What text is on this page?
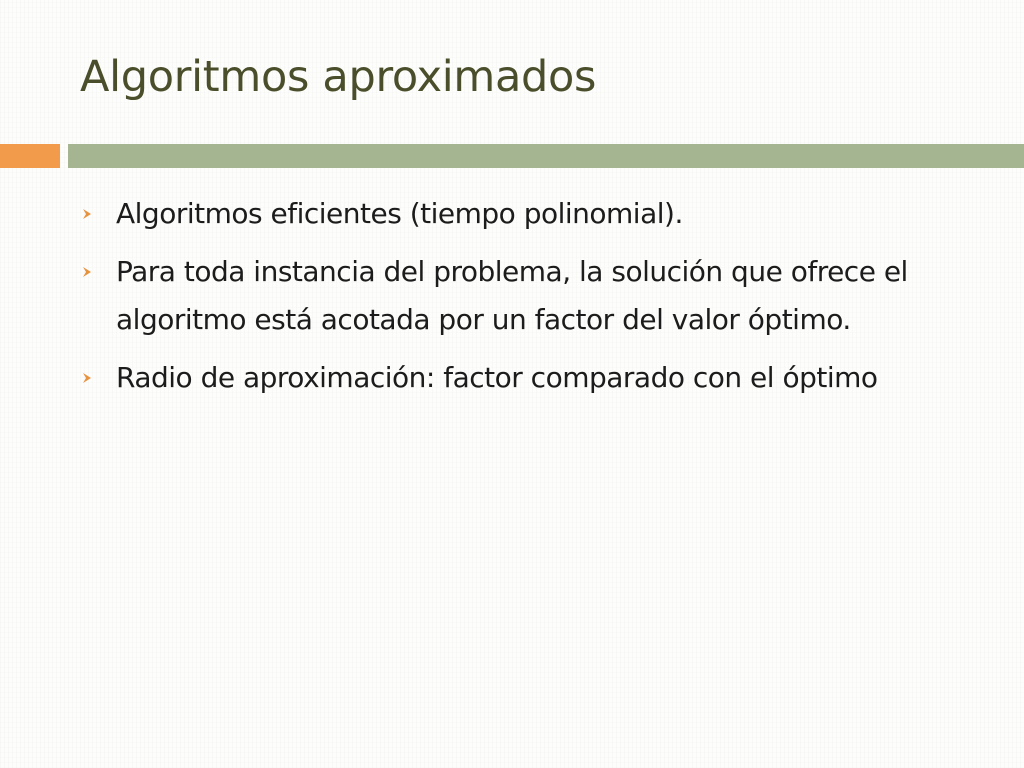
Algoritmos aproximados
Algoritmos eficientes (tiempo polinomial).
Para toda instancia del problema, la solución que ofrece el algoritmo está acotada por un factor del valor óptimo.
Radio de aproximación: factor comparado con el óptimo
